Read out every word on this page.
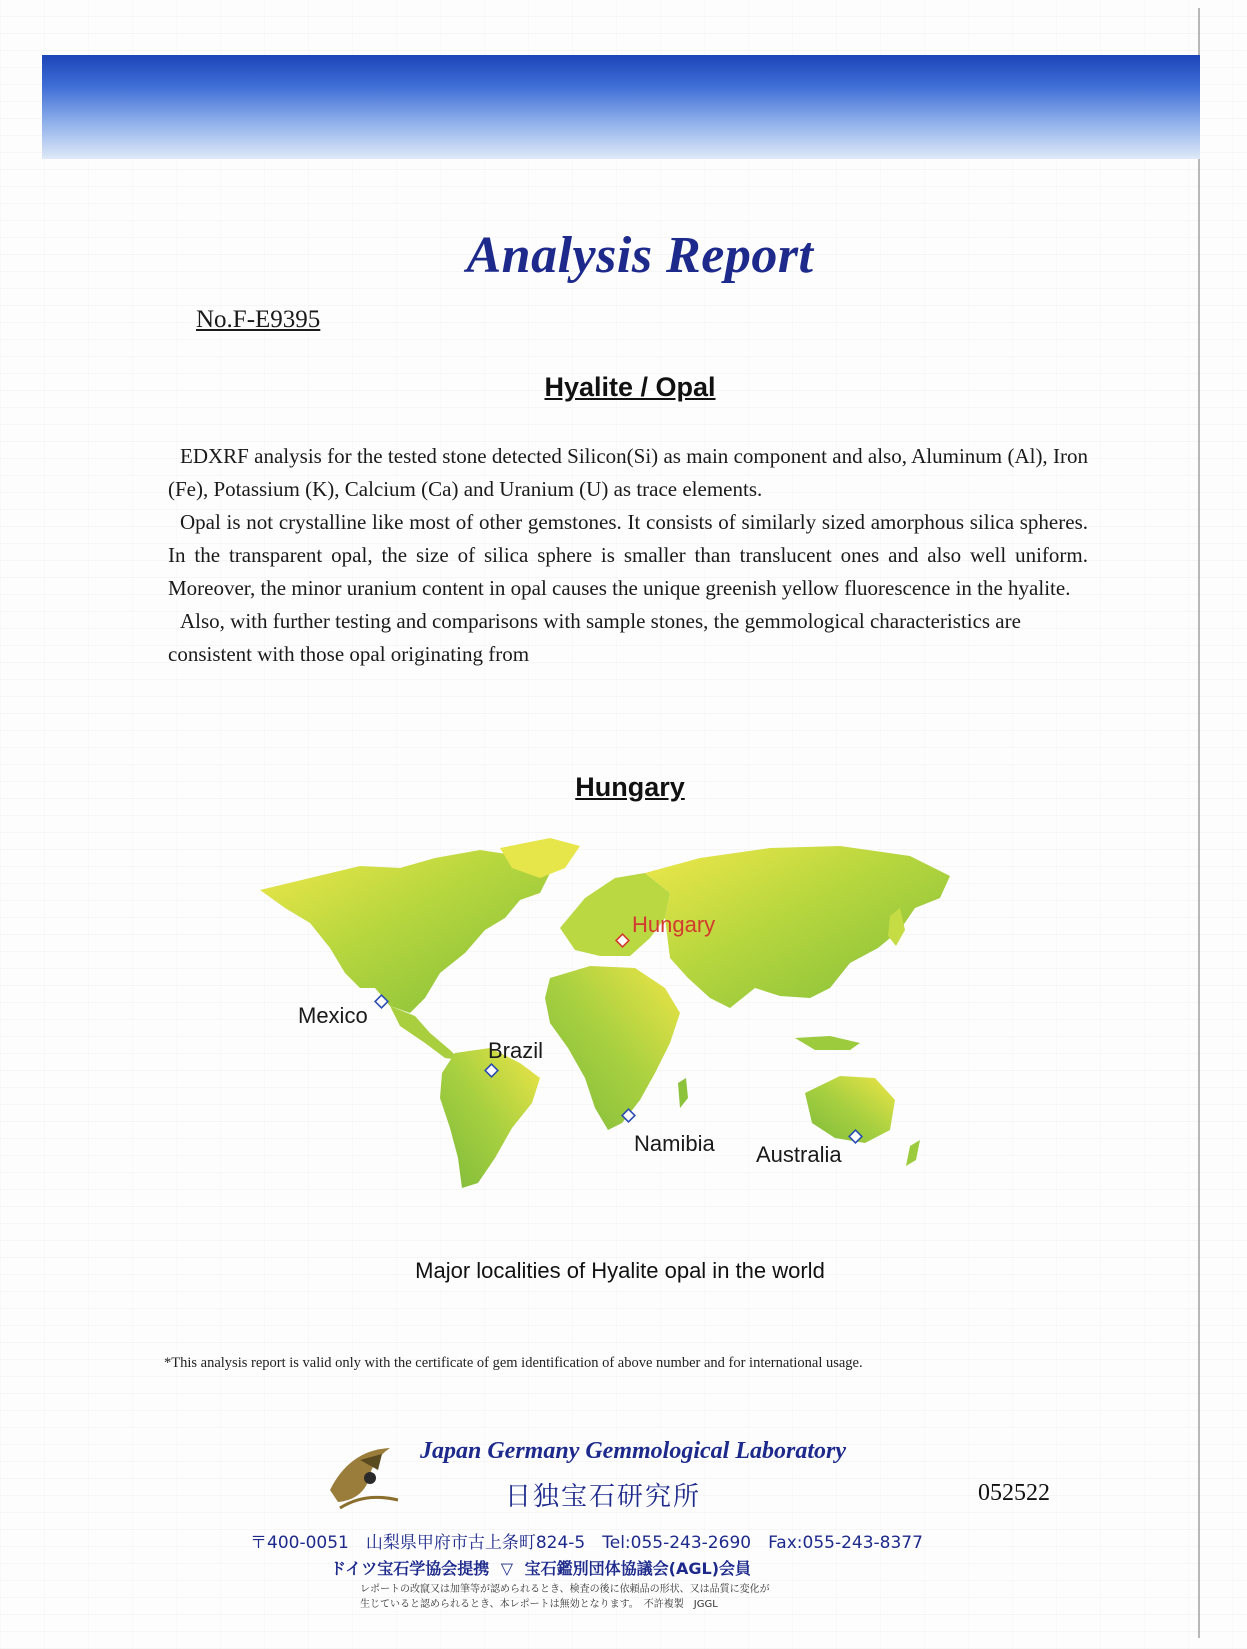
Analysis Report
No.F-E9395
Hyalite / Opal

EDXRF analysis for the tested stone detected Silicon(Si) as main component and also, Aluminum (Al), Iron (Fe), Potassium (K), Calcium (Ca) and Uranium (U) as trace elements.

Opal is not crystalline like most of other gemstones. It consists of similarly sized amorphous silica spheres. In the transparent opal, the size of silica sphere is smaller than translucent ones and also well uniform. Moreover, the minor uranium content in opal causes the unique greenish yellow fluorescence in the hyalite.

Also, with further testing and comparisons with sample stones, the gemmological characteristics are consistent with those opal originating from

Hungary
Hungary
Mexico
Brazil
Namibia Australia
Major localities of Hyalite opal in the world
*This analysis report is valid only with the certificate of gem identification of above number and for international usage.
Japan Germany Gemmological Laboratory
日独宝石研究所	052522
〒400-0051　山梨県甲府市古上条町824-5　Tel:055-243-2690　Fax:055-243-8377
ドイツ宝石学協会提携 ▽ 宝石鑑別団体協議会(AGL)会員
レポートの改竄又は加筆等が認められるとき、検査の後に依頼品の形状、又は品質に変化が
生じていると認められるとき、本レポートは無効となります。　不許複製　JGGL
